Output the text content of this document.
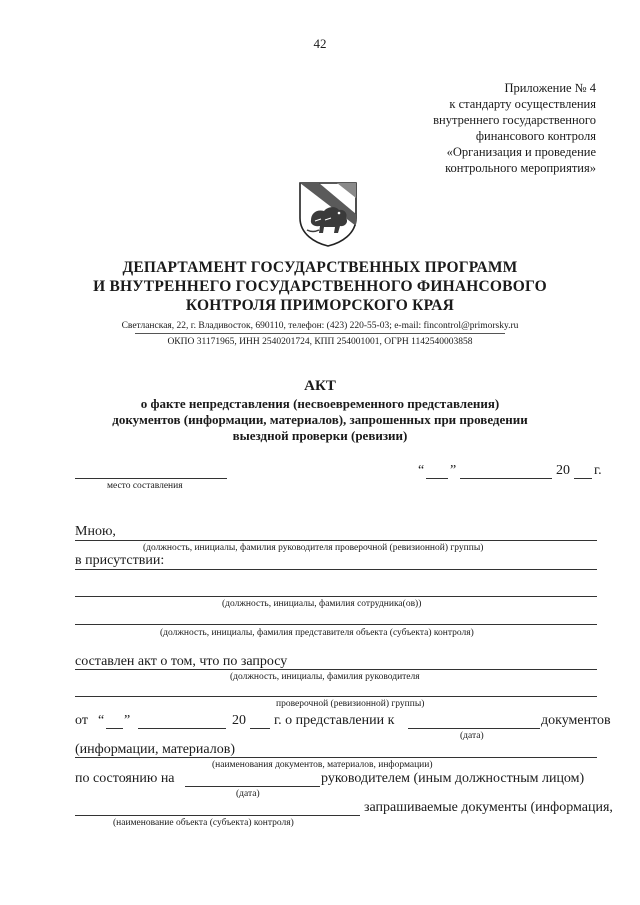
42
Приложение № 4
к стандарту осуществления
внутреннего государственного
финансового контроля
«Организация и проведение
контрольного мероприятия»
ДЕПАРТАМЕНТ ГОСУДАРСТВЕННЫХ ПРОГРАММ
И ВНУТРЕННЕГО ГОСУДАРСТВЕННОГО ФИНАНСОВОГО
КОНТРОЛЯ ПРИМОРСКОГО КРАЯ
Светланская, 22, г. Владивосток, 690110, телефон: (423) 220-55-03; e-mail: fincontrol@primorsky.ru
ОКПО 31171965, ИНН 2540201724, КПП 254001001, ОГРН 1142540003858
АКТ
о факте непредставления (несвоевременного представления)
документов (информации, материалов), запрошенных при проведении
выездной проверки (ревизии)
место составления
“ ”	20 г.
Мною,
(должность, инициалы, фамилия руководителя проверочной (ревизионной) группы)
в присутствии:
(должность, инициалы, фамилия сотрудника(ов))
(должность, инициалы, фамилия представителя объекта (субъекта) контроля)
составлен акт о том, что по запросу
(должность, инициалы, фамилия руководителя
проверочной (ревизионной) группы)
от “ ”	20 г. о представлении к	документов
(дата)
(информации, материалов)
(наименования документов, материалов, информации)
по состоянию на	руководителем (иным должностным лицом)
(дата)
запрашиваемые документы (информация,
(наименование объекта (субъекта) контроля)
